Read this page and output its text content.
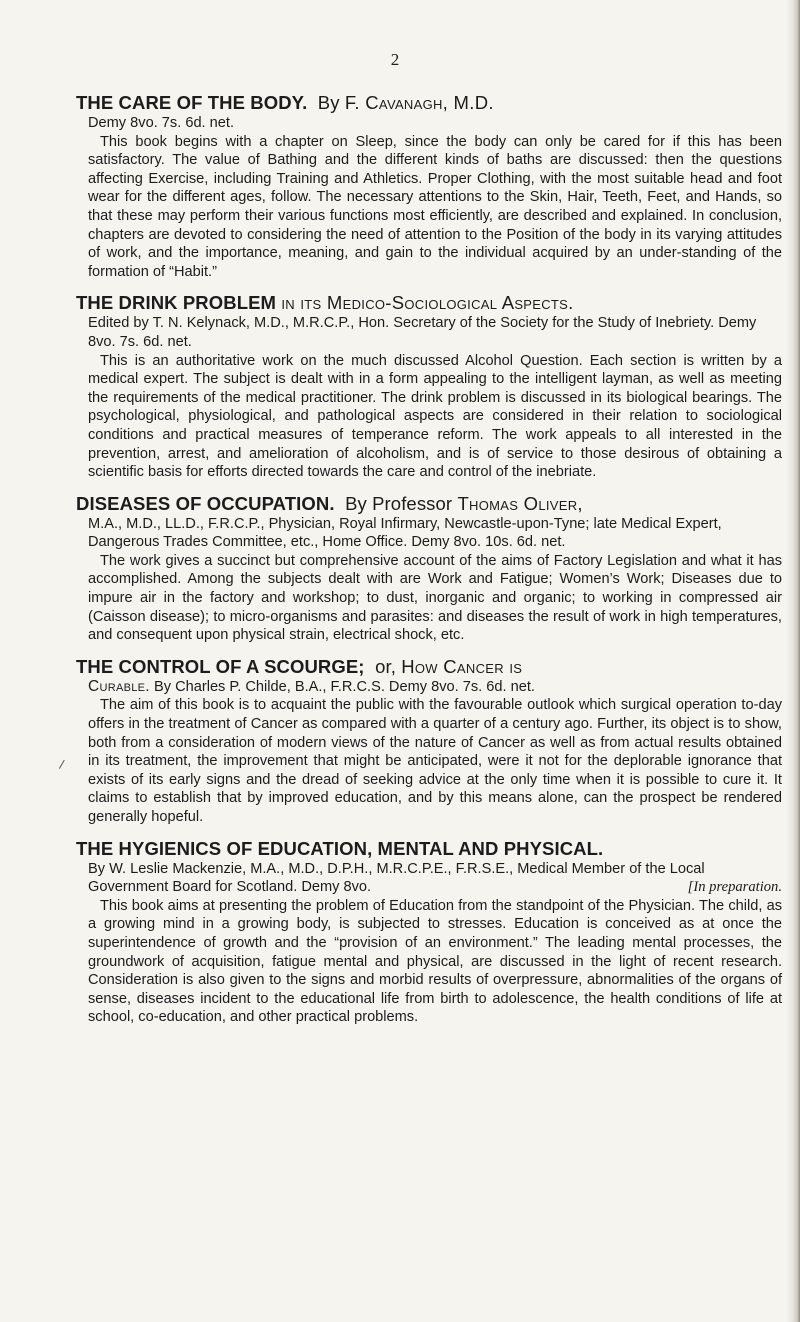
2
/

THE CARE OF THE BODY. By F. Cavanagh, M.D.

Demy 8vo. 7s. 6d. net.

This book begins with a chapter on Sleep, since the body can only be cared for if this has been satisfactory. The value of Bathing and the different kinds of baths are discussed: then the questions affecting Exercise, including Training and Athletics. Proper Clothing, with the most suitable head and foot wear for the different ages, follow. The necessary attentions to the Skin, Hair, Teeth, Feet, and Hands, so that these may perform their various functions most efficiently, are described and explained. In conclusion, chapters are devoted to considering the need of attention to the Position of the body in its varying attitudes of work, and the importance, meaning, and gain to the individual acquired by an under-standing of the formation of “Habit.”

THE DRINK PROBLEM in its Medico-Sociological Aspects.

Edited by T. N. Kelynack, M.D., M.R.C.P., Hon. Secretary of the Society for the Study of Inebriety. Demy 8vo. 7s. 6d. net.

This is an authoritative work on the much discussed Alcohol Question. Each section is written by a medical expert. The subject is dealt with in a form appealing to the intelligent layman, as well as meeting the requirements of the medical practitioner. The drink problem is discussed in its biological bearings. The psychological, physiological, and pathological aspects are considered in their relation to sociological conditions and practical measures of temperance reform. The work appeals to all interested in the prevention, arrest, and amelioration of alcoholism, and is of service to those desirous of obtaining a scientific basis for efforts directed towards the care and control of the inebriate.

DISEASES OF OCCUPATION. By Professor Thomas Oliver,

M.A., M.D., LL.D., F.R.C.P., Physician, Royal Infirmary, Newcastle-upon-Tyne; late Medical Expert, Dangerous Trades Committee, etc., Home Office. Demy 8vo. 10s. 6d. net.

The work gives a succinct but comprehensive account of the aims of Factory Legislation and what it has accomplished. Among the subjects dealt with are Work and Fatigue; Women’s Work; Diseases due to impure air in the factory and workshop; to dust, inorganic and organic; to working in compressed air (Caisson disease); to micro-organisms and parasites: and diseases the result of work in high temperatures, and consequent upon physical strain, electrical shock, etc.

THE CONTROL OF A SCOURGE; or, How Cancer is

Curable. By Charles P. Childe, B.A., F.R.C.S. Demy 8vo. 7s. 6d. net.

The aim of this book is to acquaint the public with the favourable outlook which surgical operation to-day offers in the treatment of Cancer as compared with a quarter of a century ago. Further, its object is to show, both from a consideration of modern views of the nature of Cancer as well as from actual results obtained in its treatment, the improvement that might be anticipated, were it not for the deplorable ignorance that exists of its early signs and the dread of seeking advice at the only time when it is possible to cure it. It claims to establish that by improved education, and by this means alone, can the prospect be rendered generally hopeful.

THE HYGIENICS OF EDUCATION, MENTAL AND PHYSICAL.

By W. Leslie Mackenzie, M.A., M.D., D.P.H., M.R.C.P.E., F.R.S.E., Medical Member of the Local Government Board for Scotland. Demy 8vo.	[In preparation.

This book aims at presenting the problem of Education from the standpoint of the Physician. The child, as a growing mind in a growing body, is subjected to stresses. Education is conceived as at once the superintendence of growth and the “provision of an environment.” The leading mental processes, the groundwork of acquisition, fatigue mental and physical, are discussed in the light of recent research. Consideration is also given to the signs and morbid results of overpressure, abnormalities of the organs of sense, diseases incident to the educational life from birth to adolescence, the health conditions of life at school, co-education, and other practical problems.
